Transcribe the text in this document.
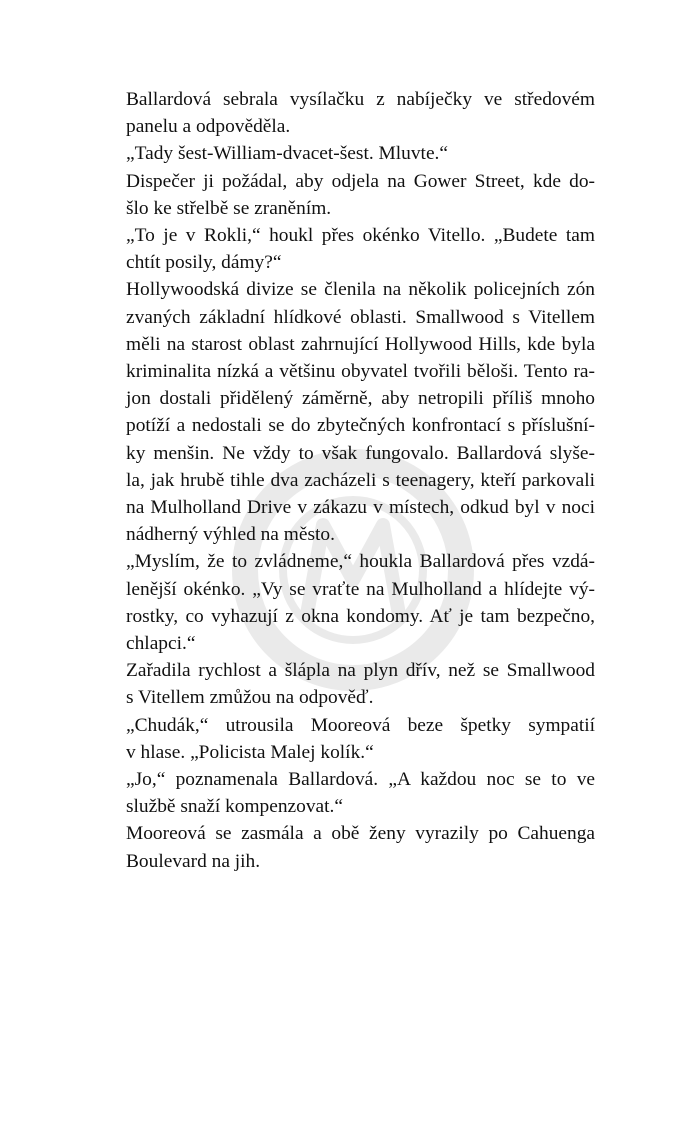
Ballardová sebrala vysílačku z nabíječky ve středovém
panelu a odpověděla.
„Tady šest-William-dvacet-šest. Mluvte.“
Dispečer ji požádal, aby odjela na Gower Street, kde do-
šlo ke střelbě se zraněním.
„To je v Rokli,“ houkl přes okénko Vitello. „Budete tam
chtít posily, dámy?“
Hollywoodská divize se členila na několik policejních zón
zvaných základní hlídkové oblasti. Smallwood s Vitellem
měli na starost oblast zahrnující Hollywood Hills, kde byla
kriminalita nízká a většinu obyvatel tvořili běloši. Tento ra-
jon dostali přidělený záměrně, aby netropili příliš mnoho
potíží a nedostali se do zbytečných konfrontací s příslušní-
ky menšin. Ne vždy to však fungovalo. Ballardová slyše-
la, jak hrubě tihle dva zacházeli s teenagery, kteří parkovali
na Mulholland Drive v zákazu v místech, odkud byl v noci
nádherný výhled na město.
„Myslím, že to zvládneme,“ houkla Ballardová přes vzdá-
lenější okénko. „Vy se vraťte na Mulholland a hlídejte vý-
rostky, co vyhazují z okna kondomy. Ať je tam bezpečno,
chlapci.“
Zařadila rychlost a šlápla na plyn dřív, než se Smallwood
s Vitellem zmůžou na odpověď.
„Chudák,“ utrousila Mooreová beze špetky sympatií
v hlase. „Policista Malej kolík.“
„Jo,“ poznamenala Ballardová. „A každou noc se to ve
službě snaží kompenzovat.“
Mooreová se zasmála a obě ženy vyrazily po Cahuenga
Boulevard na jih.
